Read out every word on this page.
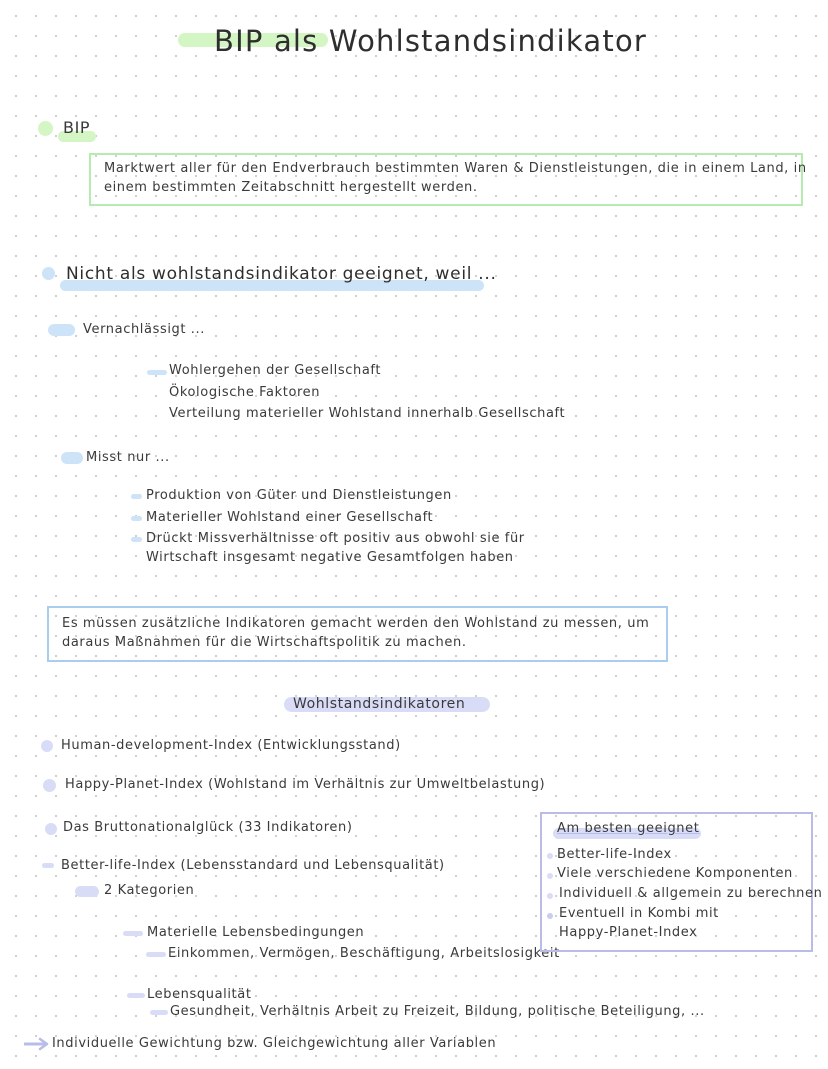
BIP als Wohlstandsindikator
BIP
Marktwert aller für den Endverbrauch bestimmten Waren & Dienstleistungen, die in einem Land, in
einem bestimmten Zeitabschnitt hergestellt werden.
Nicht als wohlstandsindikator geeignet, weil ...
Vernachlässigt ...
Wohlergehen der Gesellschaft
Ökologische Faktoren
Verteilung materieller Wohlstand innerhalb Gesellschaft
Misst nur ...
Produktion von Güter und Dienstleistungen
Materieller Wohlstand einer Gesellschaft
Drückt Missverhältnisse oft positiv aus obwohl sie für
Wirtschaft insgesamt negative Gesamtfolgen haben
Es müssen zusätzliche Indikatoren gemacht werden den Wohlstand zu messen, um
daraus Maßnahmen für die Wirtschaftspolitik zu machen.
Wohlstandsindikatoren
Human-development-Index (Entwicklungsstand)
Happy-Planet-Index (Wohlstand im Verhältnis zur Umweltbelastung)
Das Bruttonationalglück (33 Indikatoren)
Better-life-Index (Lebensstandard und Lebensqualität)
2 Kategorien
Materielle Lebensbedingungen
Einkommen, Vermögen, Beschäftigung, Arbeitslosigkeit
Lebensqualität
Gesundheit, Verhältnis Arbeit zu Freizeit, Bildung, politische Beteiligung, ...
Individuelle Gewichtung bzw. Gleichgewichtung aller Variablen
Am besten geeignet
Better-life-Index
Viele verschiedene Komponenten
Individuell & allgemein zu berechnen
Eventuell in Kombi mit
Happy-Planet-Index
